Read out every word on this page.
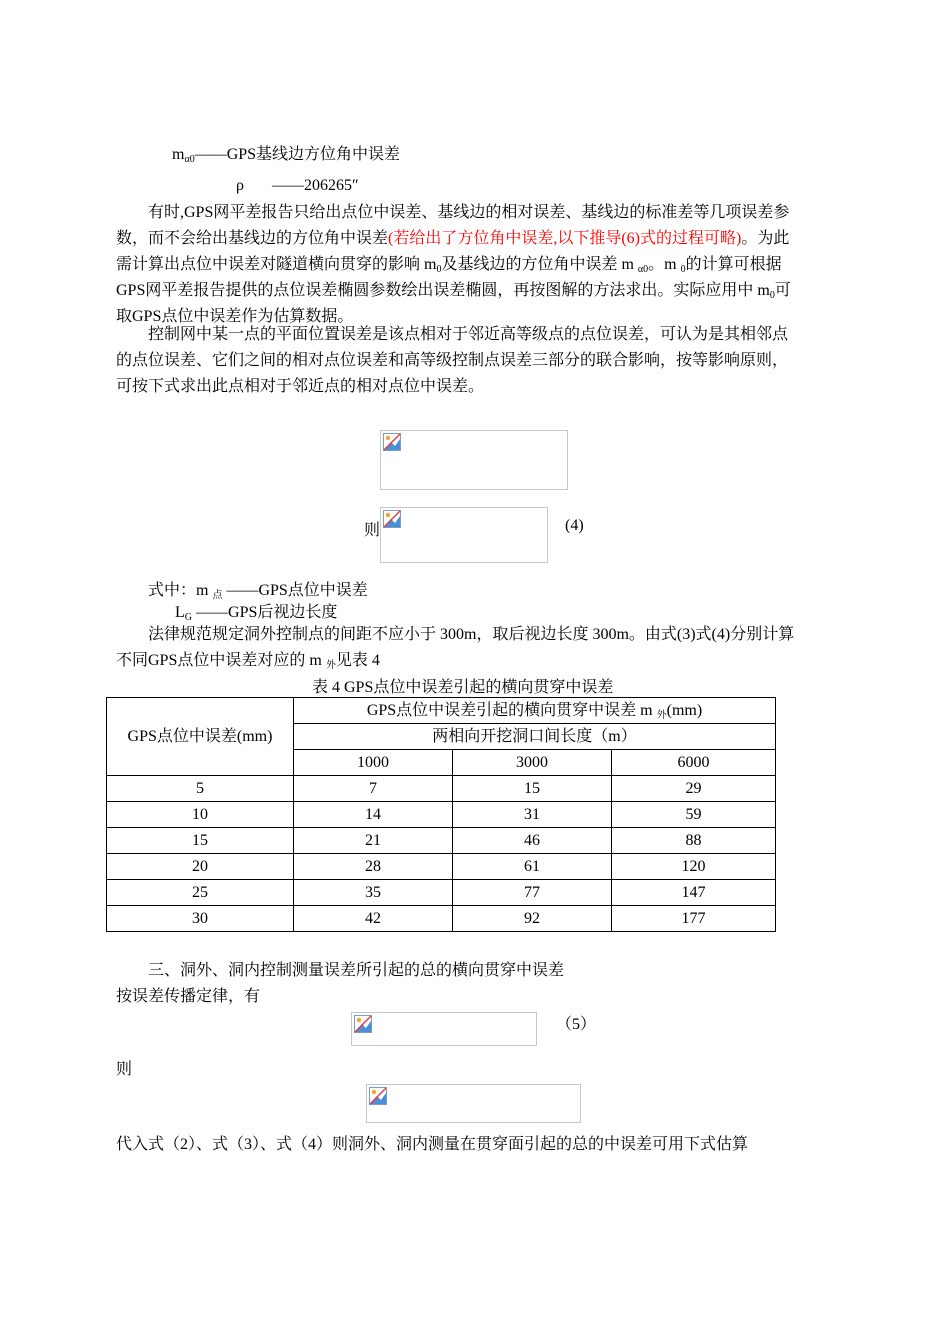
$m_{\alpha 0}——GPS$基线边方位角中误差
ρ ——206265″
有时,GPS网平差报告只给出点位中误差、基线边的相对误差、基线边的标准差等几项误差参
数，而不会给出基线边的方位角中误差(若给出了方位角中误差,以下推导(6)式的过程可略)。为此
需计算出点位中误差对隧道横向贯穿的影响 $m_0$及基线边的方位角中误差 m $_{\alpha 0}$。m $_0$的计算可根据
GPS网平差报告提供的点位误差椭圆参数绘出误差椭圆，再按图解的方法求出。实际应用中 $m_0$可
取GPS点位中误差作为估算数据。
控制网中某一点的平面位置误差是该点相对于邻近高等级点的点位误差，可认为是其相邻点
的点位误差、它们之间的相对点位误差和高等级控制点误差三部分的联合影响，按等影响原则，
可按下式求出此点相对于邻近点的相对点位中误差。
则	(4)
式中：m $_点$ ——GPS点位中误差
$L_G$ ——GPS后视边长度
法律规范规定洞外控制点的间距不应小于 300m，取后视边长度 300m。由式(3)式(4)分别计算
不同GPS点位中误差对应的 m $_外$见表 4
表 4 GPS点位中误差引起的横向贯穿中误差
GPS点位中误差(mm)	GPS点位中误差引起的横向贯穿中误差 m $_外$(mm)		
	两相向开挖洞口间长度（m）		
	1000	3000	6000
5	7	15	29
10	14	31	59
15	21	46	88
20	28	61	120
25	35	77	147
30	42	92	177
三、洞外、洞内控制测量误差所引起的总的横向贯穿中误差
按误差传播定律，有
（5）
则
代入式（2）、式（3）、式（4）则洞外、洞内测量在贯穿面引起的总的中误差可用下式估算
